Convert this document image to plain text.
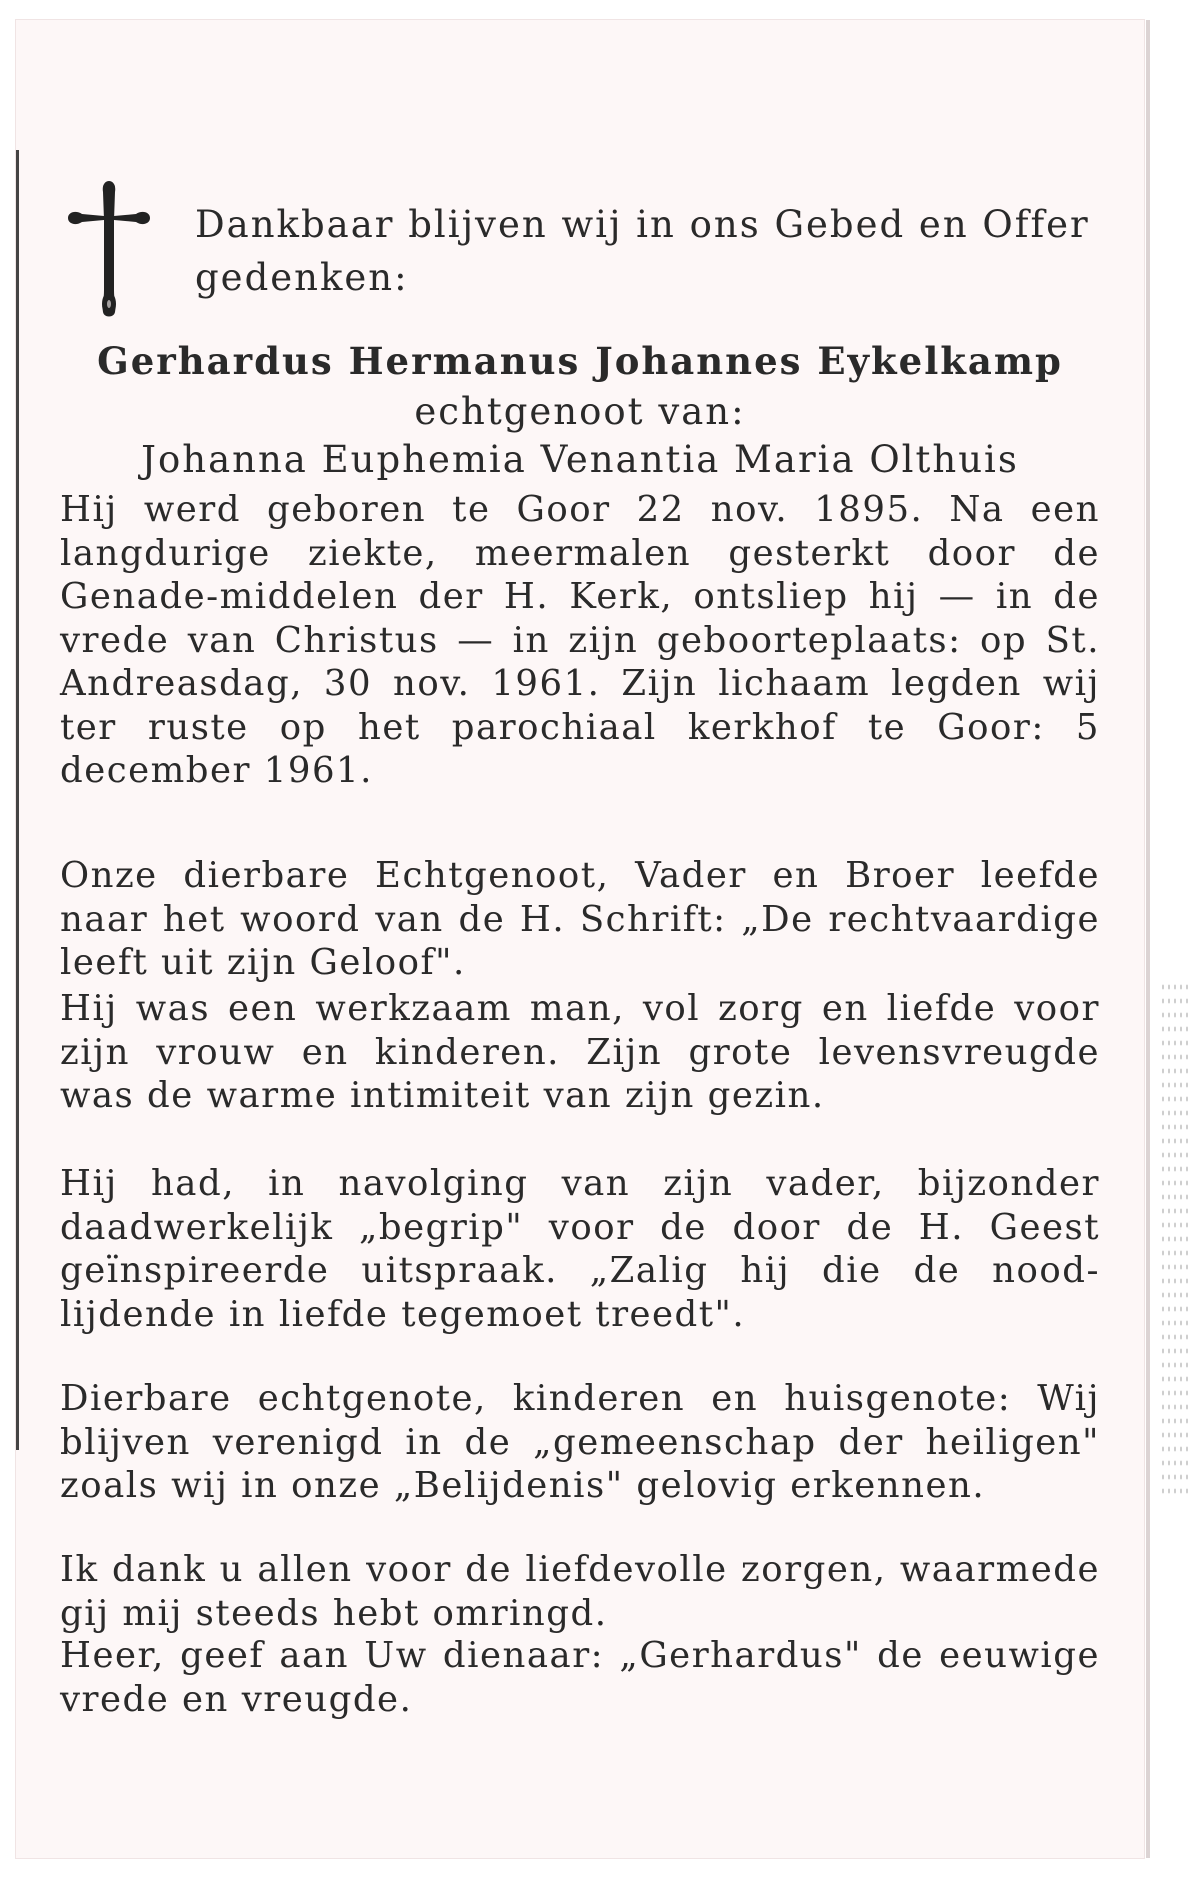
Dankbaar blijven wij in ons Gebed en Offer gedenken:
Gerhardus Hermanus Johannes Eykelkamp
echtgenoot van:
Johanna Euphemia Venantia Maria Olthuis
Hij werd geboren te Goor 22 nov. 1895. Na een langdurige ziekte, meermalen gesterkt door de Genade-middelen der H. Kerk, ontsliep hij — in de vrede van Christus — in zijn geboorteplaats: op St. Andreasdag, 30 nov. 1961. Zijn lichaam legden wij ter ruste op het parochiaal kerkhof te Goor: 5 december 1961.
Onze dierbare Echtgenoot, Vader en Broer leefde naar het woord van de H. Schrift: „De rechtvaardige leeft uit zijn Geloof".
Hij was een werkzaam man, vol zorg en liefde voor zijn vrouw en kinderen. Zijn grote levensvreugde was de warme intimiteit van zijn gezin.
Hij had, in navolging van zijn vader, bijzonder daadwerkelijk „begrip" voor de door de H. Geest geïnspireerde uitspraak. „Zalig hij die de nood-lijdende in liefde tegemoet treedt".
Dierbare echtgenote, kinderen en huisgenote: Wij blijven verenigd in de „gemeenschap der heiligen" zoals wij in onze „Belijdenis" gelovig erkennen.
Ik dank u allen voor de liefdevolle zorgen, waarmede gij mij steeds hebt omringd.
Heer, geef aan Uw dienaar: „Gerhardus" de eeuwige vrede en vreugde.
